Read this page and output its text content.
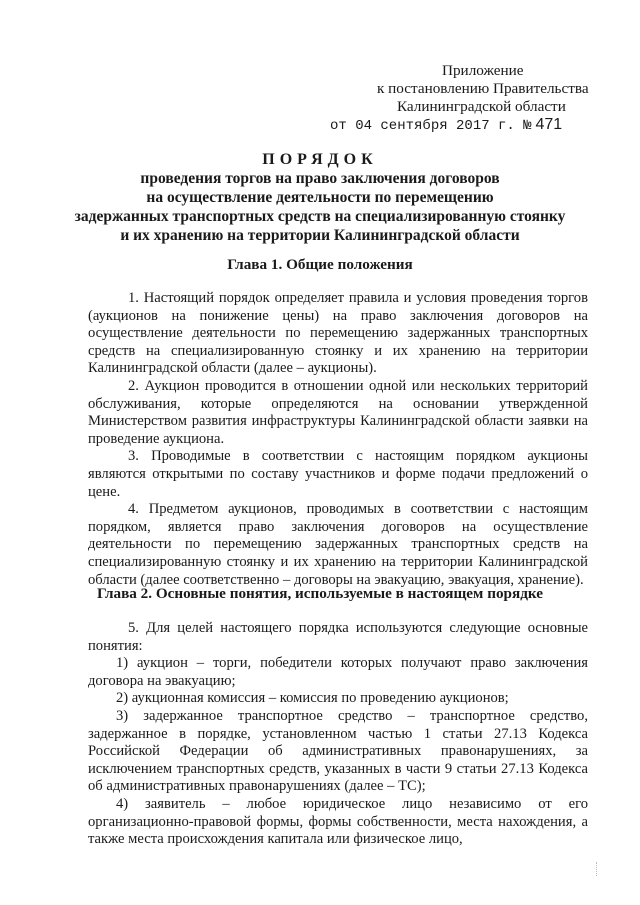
Приложение
к постановлению Правительства
Калининградской области
от 04 сентября 2017 г. № 471
ПОРЯДОК
проведения торгов на право заключения договоров
на осуществление деятельности по перемещению
задержанных транспортных средств на специализированную стоянку
и их хранению на территории Калининградской области
Глава 1. Общие положения

1. Настоящий порядок определяет правила и условия проведения торгов (аукционов на понижение цены) на право заключения договоров на осуществление деятельности по перемещению задержанных транспортных средств на специализированную стоянку и их хранению на территории Калининградской области (далее – аукционы).

2. Аукцион проводится в отношении одной или нескольких территорий обслуживания, которые определяются на основании утвержденной Министерством развития инфраструктуры Калининградской области заявки на проведение аукциона.

3. Проводимые в соответствии с настоящим порядком аукционы являются открытыми по составу участников и форме подачи предложений о цене.

4. Предметом аукционов, проводимых в соответствии с настоящим порядком, является право заключения договоров на осуществление деятельности по перемещению задержанных транспортных средств на специализированную стоянку и их хранению на территории Калининградской области (далее соответственно – договоры на эвакуацию, эвакуация, хранение).

Глава 2. Основные понятия, используемые в настоящем порядке

5. Для целей настоящего порядка используются следующие основные понятия:

1) аукцион – торги, победители которых получают право заключения договора на эвакуацию;

2) аукционная комиссия – комиссия по проведению аукционов;

3) задержанное транспортное средство – транспортное средство, задержанное в порядке, установленном частью 1 статьи 27.13 Кодекса Российской Федерации об административных правонарушениях, за исключением транспортных средств, указанных в части 9 статьи 27.13 Кодекса об административных правонарушениях (далее – ТС);

4) заявитель – любое юридическое лицо независимо от его организационно-правовой формы, формы собственности, места нахождения, а также места происхождения капитала или физическое лицо,
